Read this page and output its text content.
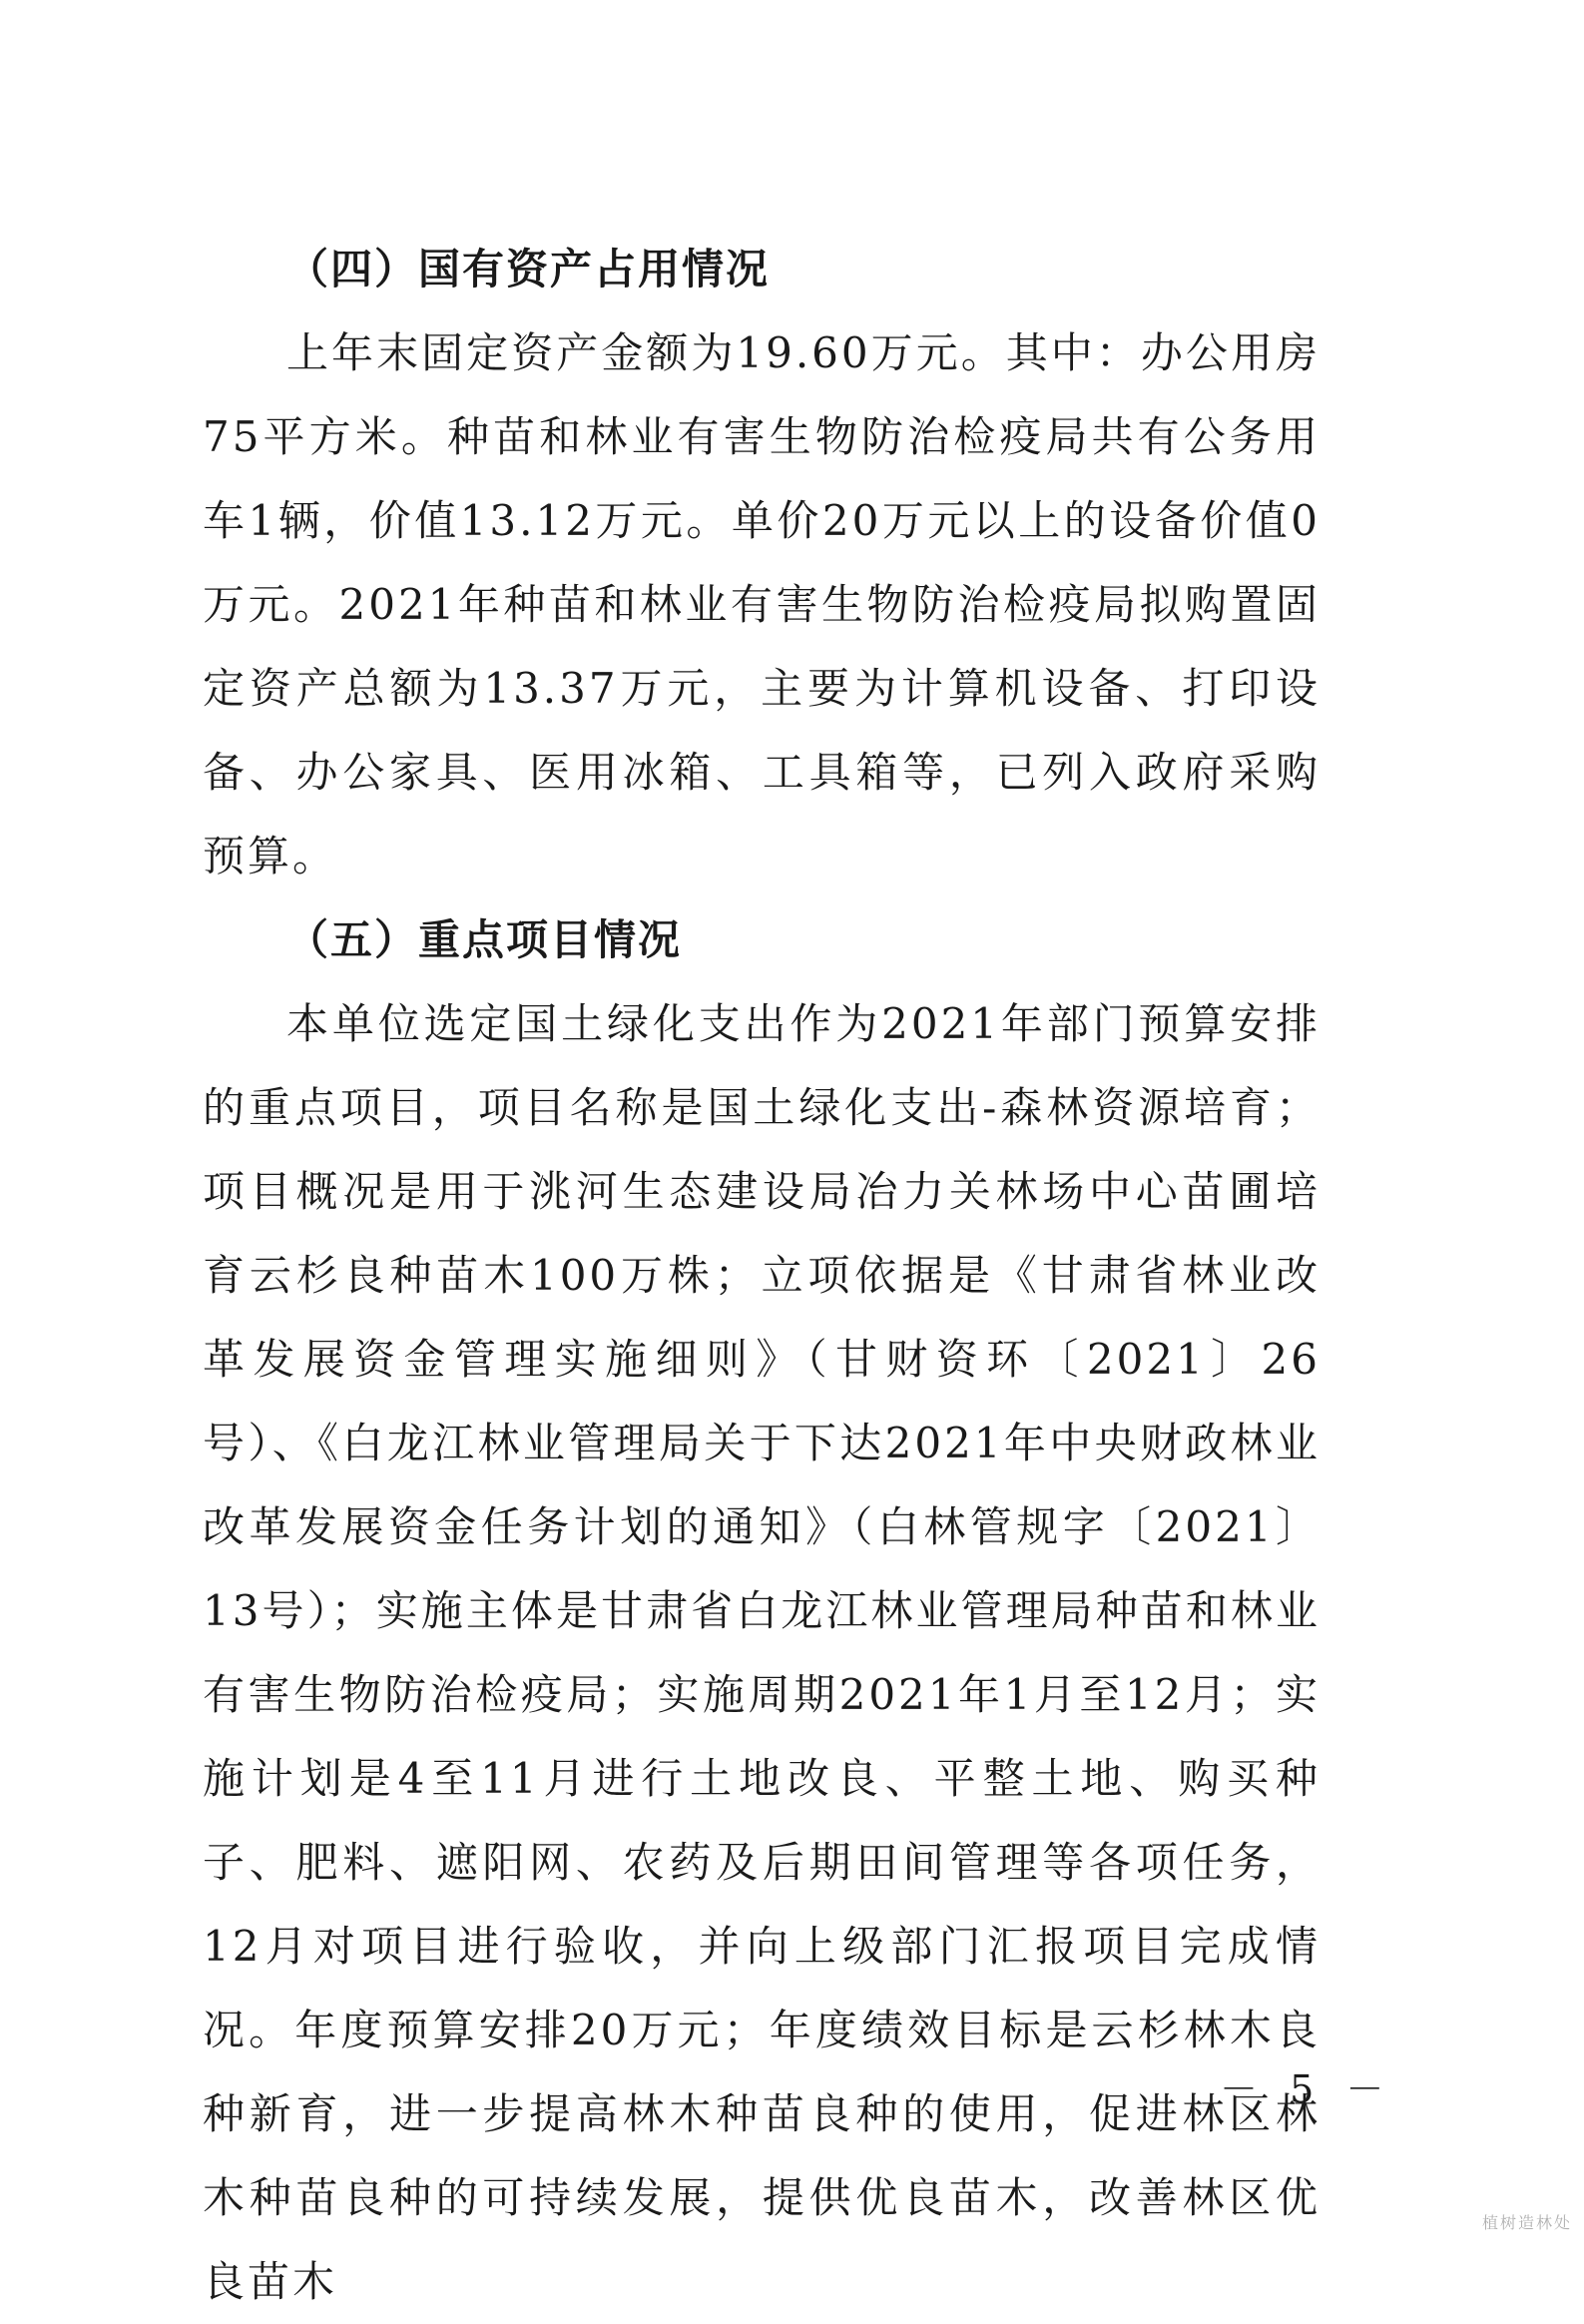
（四）国有资产占用情况

上年末固定资产金额为19.60万元。其中：办公用房75平方米。种苗和林业有害生物防治检疫局共有公务用车1辆，价值13.12万元。单价20万元以上的设备价值0万元。2021年种苗和林业有害生物防治检疫局拟购置固定资产总额为13.37万元，主要为计算机设备、打印设备、办公家具、医用冰箱、工具箱等，已列入政府采购预算。

（五）重点项目情况

本单位选定国土绿化支出作为2021年部门预算安排的重点项目，项目名称是国土绿化支出-森林资源培育；项目概况是用于洮河生态建设局冶力关林场中心苗圃培育云杉良种苗木100万株；立项依据是《甘肃省林业改革发展资金管理实施细则》（甘财资环〔2021〕26号）、《白龙江林业管理局关于下达2021年中央财政林业改革发展资金任务计划的通知》（白林管规字〔2021〕13号）；实施主体是甘肃省白龙江林业管理局种苗和林业有害生物防治检疫局；实施周期2021年1月至12月；实施计划是4至11月进行土地改良、平整土地、购买种子、肥料、遮阳网、农药及后期田间管理等各项任务，12月对项目进行验收，并向上级部门汇报项目完成情况。年度预算安排20万元；年度绩效目标是云杉林木良种新育，进一步提高林木种苗良种的使用，促进林区林木种苗良种的可持续发展，提供优良苗木，改善林区优良苗木

－ 5 －
植树造林处
